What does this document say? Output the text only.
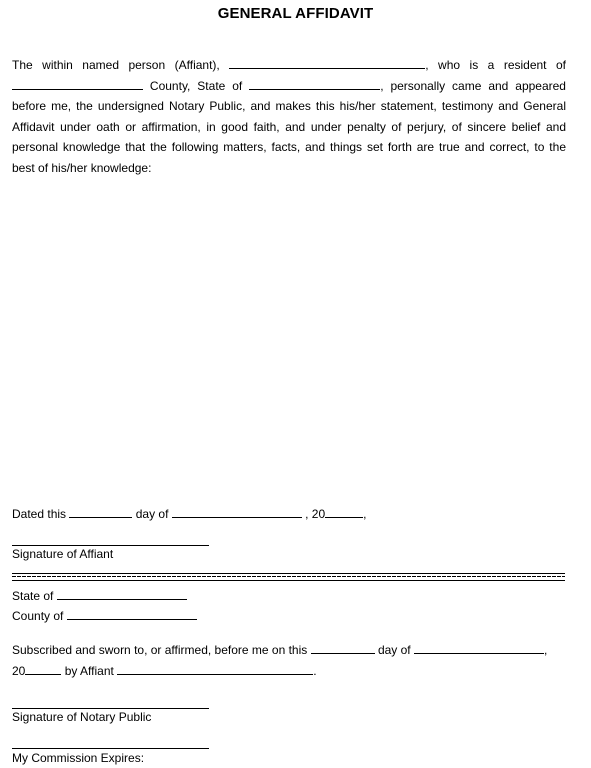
GENERAL AFFIDAVIT
The within named person (Affiant),	, who is a resident of  County, State of	, personally came and appeared before me, the undersigned Notary Public, and makes this his/her statement, testimony and General Affidavit under oath or affirmation, in good faith, and under penalty of perjury, of sincere belief and personal knowledge that the following matters, facts, and things set forth are true and correct, to the best of his/her knowledge:
Dated this	day of	, 20	,
Signature of Affiant
State of
County of
Subscribed and sworn to, or affirmed, before me on this	day of	,
20	by Affiant	.
Signature of Notary Public
My Commission Expires:
